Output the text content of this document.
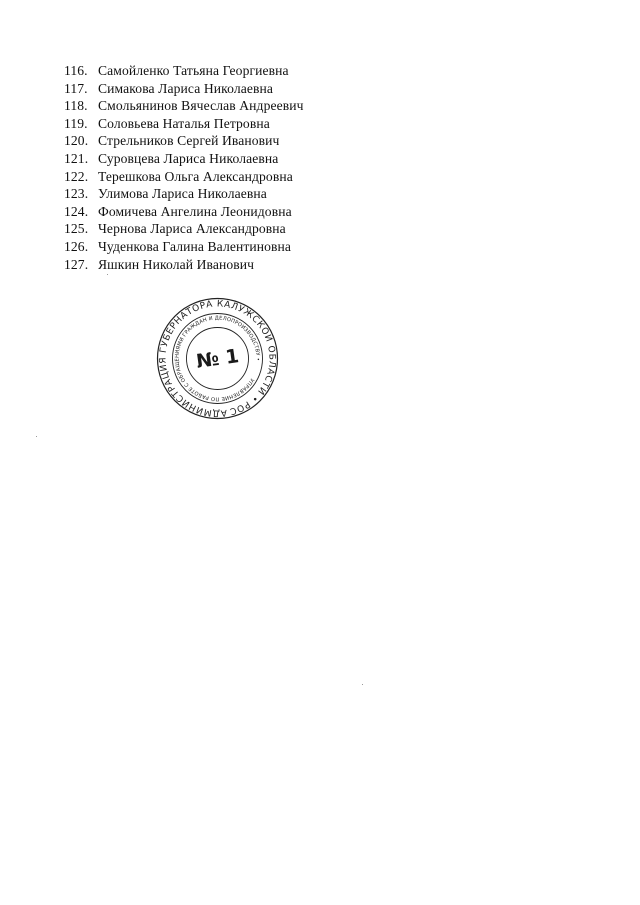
116. Самойленко Татьяна Георгиевна
117. Симакова Лариса Николаевна
118. Смольянинов Вячеслав Андреевич
119. Соловьева Наталья Петровна
120. Стрельников Сергей Иванович
121. Суровцева Лариса Николаевна
122. Терешкова Ольга Александровна
123. Улимова Лариса Николаевна
124. Фомичева Ангелина Леонидовна
125. Чернова Лариса Александровна
126. Чуденкова Галина Валентиновна
127. Яшкин Николай Иванович
АДМИНИСТРАЦИЯ ГУБЕРНАТОРА КАЛУЖСКОЙ ОБЛАСТИ • РОССИЙСКАЯ
УПРАВЛЕНИЕ ПО РАБОТЕ С ОБРАЩЕНИЯМИ ГРАЖДАН И ДЕЛОПРОИЗВОДСТВУ •
№ 1
